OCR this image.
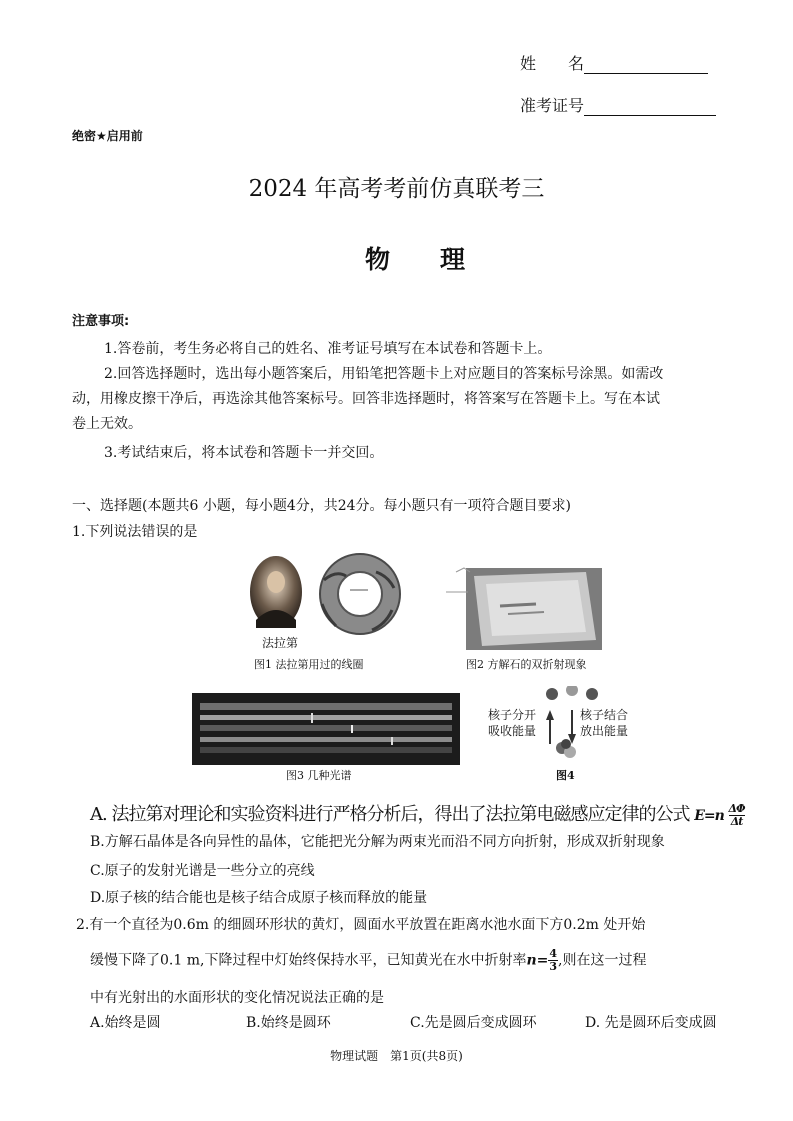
姓　　名
准考证号
绝密★启用前
2024 年高考考前仿真联考三
物　　理
注意事项:
1.答卷前，考生务必将自己的姓名、准考证号填写在本试卷和答题卡上。
2.回答选择题时，选出每小题答案后，用铅笔把答题卡上对应题目的答案标号涂黑。如需改
动，用橡皮擦干净后，再选涂其他答案标号。回答非选择题时，将答案写在答题卡上。写在本试
卷上无效。
3.考试结束后，将本试卷和答题卡一并交回。
一、选择题(本题共6 小题，每小题4分，共24分。每小题只有一项符合题目要求)
1.下列说法错误的是
法拉第
图1 法拉第用过的线圈	图2 方解石的双折射现象
图3 几种光谱
核子分开
吸收能量
核子结合
放出能量
图4
A. 法拉第对理论和实验资料进行严格分析后，得出了法拉第电磁感应定律的公式 $E=n \frac{\Delta\Phi}{\Delta t}$
B.方解石晶体是各向异性的晶体，它能把光分解为两束光而沿不同方向折射，形成双折射现象
C.原子的发射光谱是一些分立的亮线
D.原子核的结合能也是核子结合成原子核而释放的能量
2.有一个直径为0.6m 的细圆环形状的黄灯，圆面水平放置在距离水池水面下方0.2m 处开始
缓慢下降了0.1 m,下降过程中灯始终保持水平，已知黄光在水中折射率$n= \frac{4}{3}$ ,则在这一过程
中有光射出的水面形状的变化情况说法正确的是
A.始终是圆	B.始终是圆环	C.先是圆后变成圆环	D. 先是圆环后变成圆
物理试题　第1页(共8页)
